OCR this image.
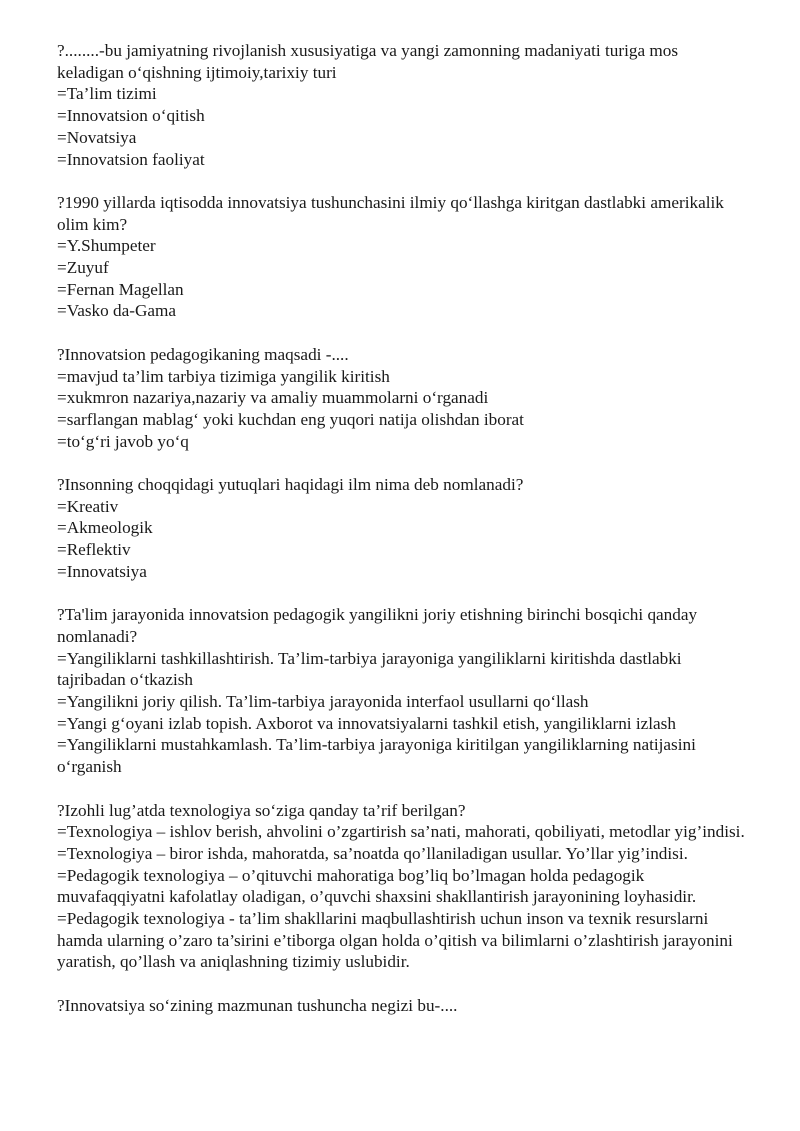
?........-bu jamiyatning rivojlanish xususiyatiga va yangi zamonning madaniyati turiga mos keladigan o‘qishning ijtimoiy,tarixiy turi
=Ta’lim tizimi
=Innovatsion o‘qitish
=Novatsiya
=Innovatsion faoliyat
?1990 yillarda iqtisodda innovatsiya tushunchasini ilmiy qo‘llashga kiritgan dastlabki amerikalik olim kim?
=Y.Shumpeter
=Zuyuf
=Fernan Magellan
=Vasko da-Gama
?Innovatsion pedagogikaning maqsadi -....
=mavjud ta’lim tarbiya tizimiga yangilik kiritish
=xukmron nazariya,nazariy va amaliy muammolarni o‘rganadi
=sarflangan mablag‘ yoki kuchdan eng yuqori natija olishdan iborat
=to‘g‘ri javob yo‘q
?Insonning choqqidagi yutuqlari haqidagi ilm nima deb nomlanadi?
=Kreativ
=Akmeologik
=Reflektiv
=Innovatsiya
?Ta'lim jarayonida innovatsion pedagogik yangilikni joriy etishning birinchi bosqichi qanday nomlanadi?
=Yangiliklarni tashkillashtirish. Ta’lim-tarbiya jarayoniga yangiliklarni kiritishda dastlabki tajribadan o‘tkazish
=Yangilikni joriy qilish. Ta’lim-tarbiya jarayonida interfaol usullarni qo‘llash
=Yangi g‘oyani izlab topish. Axborot va innovatsiyalarni tashkil etish, yangiliklarni izlash
=Yangiliklarni mustahkamlash. Ta’lim-tarbiya jarayoniga kiritilgan yangiliklarning natijasini o‘rganish
?Izohli lug’atda texnologiya so‘ziga qanday ta’rif berilgan?
=Texnologiya – ishlov berish, ahvolini o’zgartirish sa’nati, mahorati, qobiliyati, metodlar yig’indisi.
=Texnologiya – biror ishda, mahoratda, sa’noatda qo’llaniladigan usullar. Yo’llar yig’indisi.
=Pedagogik texnologiya – o’qituvchi mahoratiga bog’liq bo’lmagan holda pedagogik muvafaqqiyatni kafolatlay oladigan, o’quvchi shaxsini shakllantirish jarayonining loyhasidir.
=Pedagogik texnologiya - ta’lim shakllarini maqbullashtirish uchun inson va texnik resurslarni hamda ularning o’zaro ta’sirini e’tiborga olgan holda o’qitish va bilimlarni o’zlashtirish jarayonini yaratish, qo’llash va aniqlashning tizimiy uslubidir.
?Innovatsiya so‘zining mazmunan tushuncha negizi bu-....
